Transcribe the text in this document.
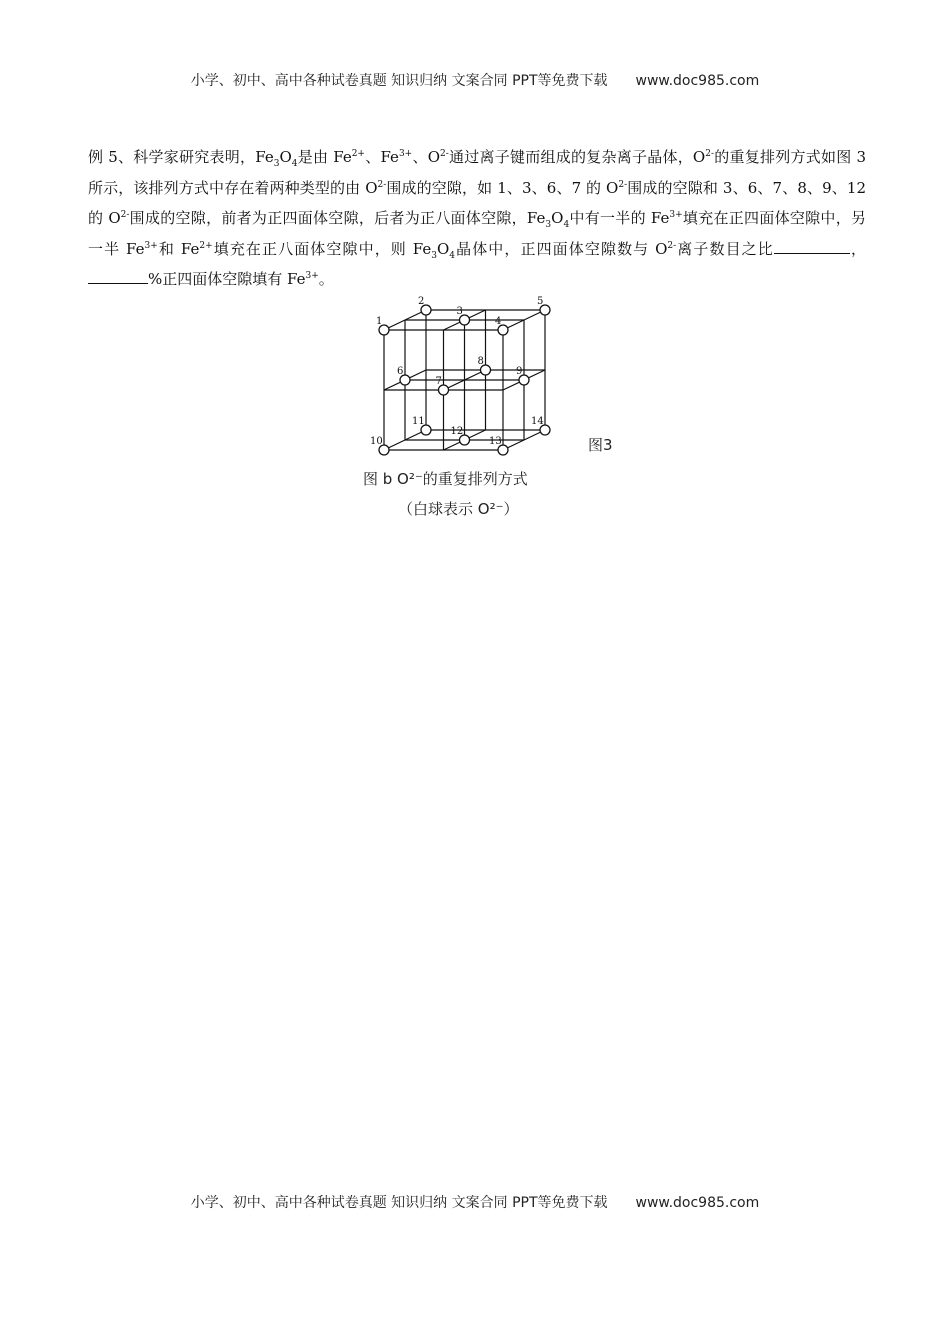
小学、初中、高中各种试卷真题 知识归纳 文案合同 PPT等免费下载 www.doc985.com
例 5、科学家研究表明，$Fe_3O_4$是由 $Fe^{2+}$、$Fe^{3+}$、$O^{2-}$通过离子键而组成的复杂离子晶体，$O^{2-}$的重复排列方式如图 3 所示，该排列方式中存在着两种类型的由 $O^{2-}$围成的空隙，如 1、3、6、7 的 $O^{2-}$围成的空隙和 3、6、7、8、9、12 的 $O^{2-}$围成的空隙，前者为正四面体空隙，后者为正八面体空隙，$Fe_3O_4$中有一半的 $Fe^{3+}$填充在正四面体空隙中，另一半 $Fe^{3+}$和 $Fe^{2+}$填充在正八面体空隙中，则 $Fe_3O_4$晶体中，正四面体空隙数与 $O^{2-}$离子数目之比	，%正四面体空隙填有 $Fe^{3+}$。
1
2
3
4
5
6
7
8
9
10
11
12
13
14
图3
图 b O²⁻的重复排列方式
（白球表示 O²⁻）
小学、初中、高中各种试卷真题 知识归纳 文案合同 PPT等免费下载 www.doc985.com
